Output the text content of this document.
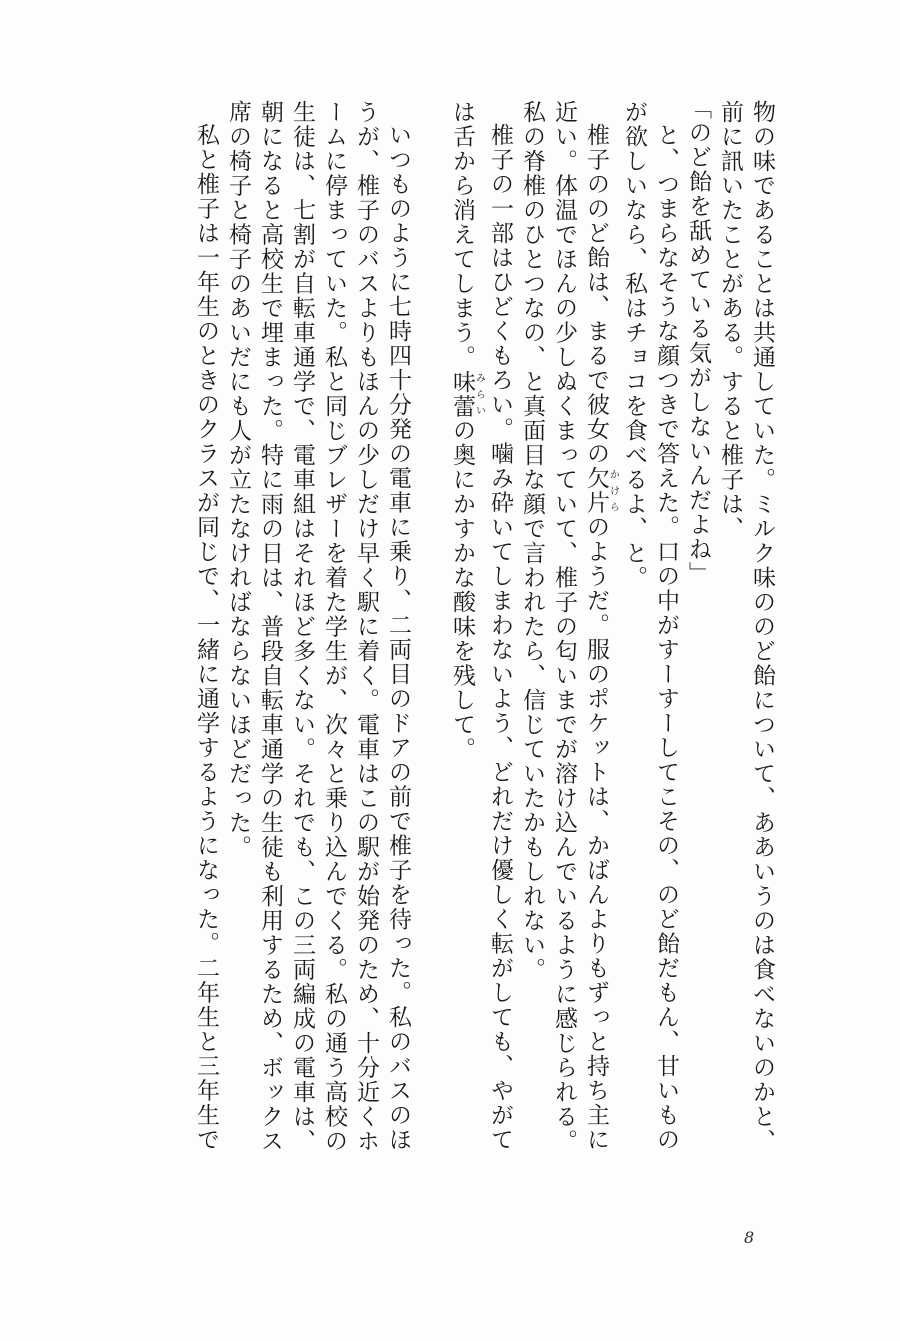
物の味であることは共通していた。ミルク味ののど飴について、ああいうのは食べないのかと、
前に訊いたことがある。すると椎子は、
「のど飴を舐めている気がしないんだよね」
と、つまらなそうな顔つきで答えた。口の中がすーすーしてこその、のど飴だもん、甘いもの
が欲しいなら、私はチョコを食べるよ、と。
椎子ののど飴は、まるで彼女の欠片かけらのようだ。服のポケットは、かばんよりもずっと持ち主に
近い。体温でほんの少しぬくまっていて、椎子の匂いまでが溶け込んでいるように感じられる。
私の脊椎のひとつなの、と真面目な顔で言われたら、信じていたかもしれない。
椎子の一部はひどくもろい。噛み砕いてしまわないよう、どれだけ優しく転がしても、やがて
は舌から消えてしまう。味蕾みらいの奥にかすかな酸味を残して。
いつものように七時四十分発の電車に乗り、二両目のドアの前で椎子を待った。私のバスのほ
うが、椎子のバスよりもほんの少しだけ早く駅に着く。電車はこの駅が始発のため、十分近くホ
ームに停まっていた。私と同じブレザーを着た学生が、次々と乗り込んでくる。私の通う高校の
生徒は、七割が自転車通学で、電車組はそれほど多くない。それでも、この三両編成の電車は、
朝になると高校生で埋まった。特に雨の日は、普段自転車通学の生徒も利用するため、ボックス
席の椅子と椅子のあいだにも人が立たなければならないほどだった。
私と椎子は一年生のときのクラスが同じで、一緒に通学するようになった。二年生と三年生で
8
